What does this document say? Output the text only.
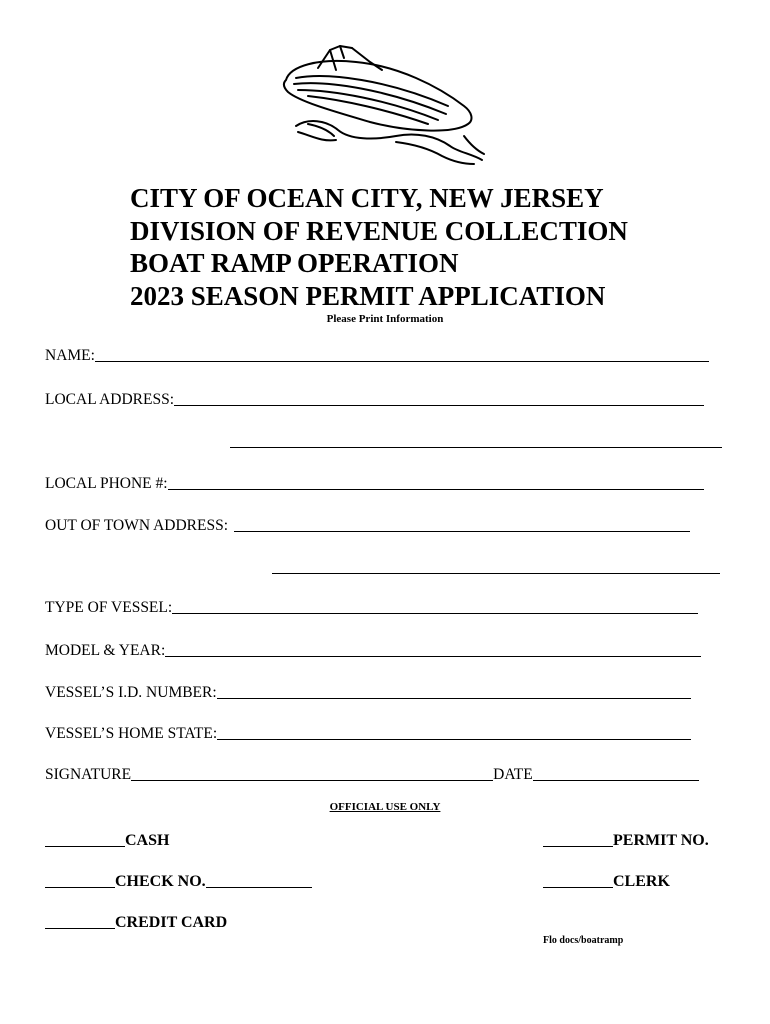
CITY OF OCEAN CITY, NEW JERSEY
DIVISION OF REVENUE COLLECTION
BOAT RAMP OPERATION
2023 SEASON PERMIT APPLICATION
Please Print Information
NAME:
LOCAL ADDRESS:
LOCAL PHONE #:
OUT OF TOWN ADDRESS:
TYPE OF VESSEL:
MODEL & YEAR:
VESSEL’S I.D. NUMBER:
VESSEL’S HOME STATE:
SIGNATURE	DATE
OFFICIAL USE ONLY
CASH	PERMIT NO.
CHECK NO.	CLERK
CREDIT CARD
Flo docs/boatramp
